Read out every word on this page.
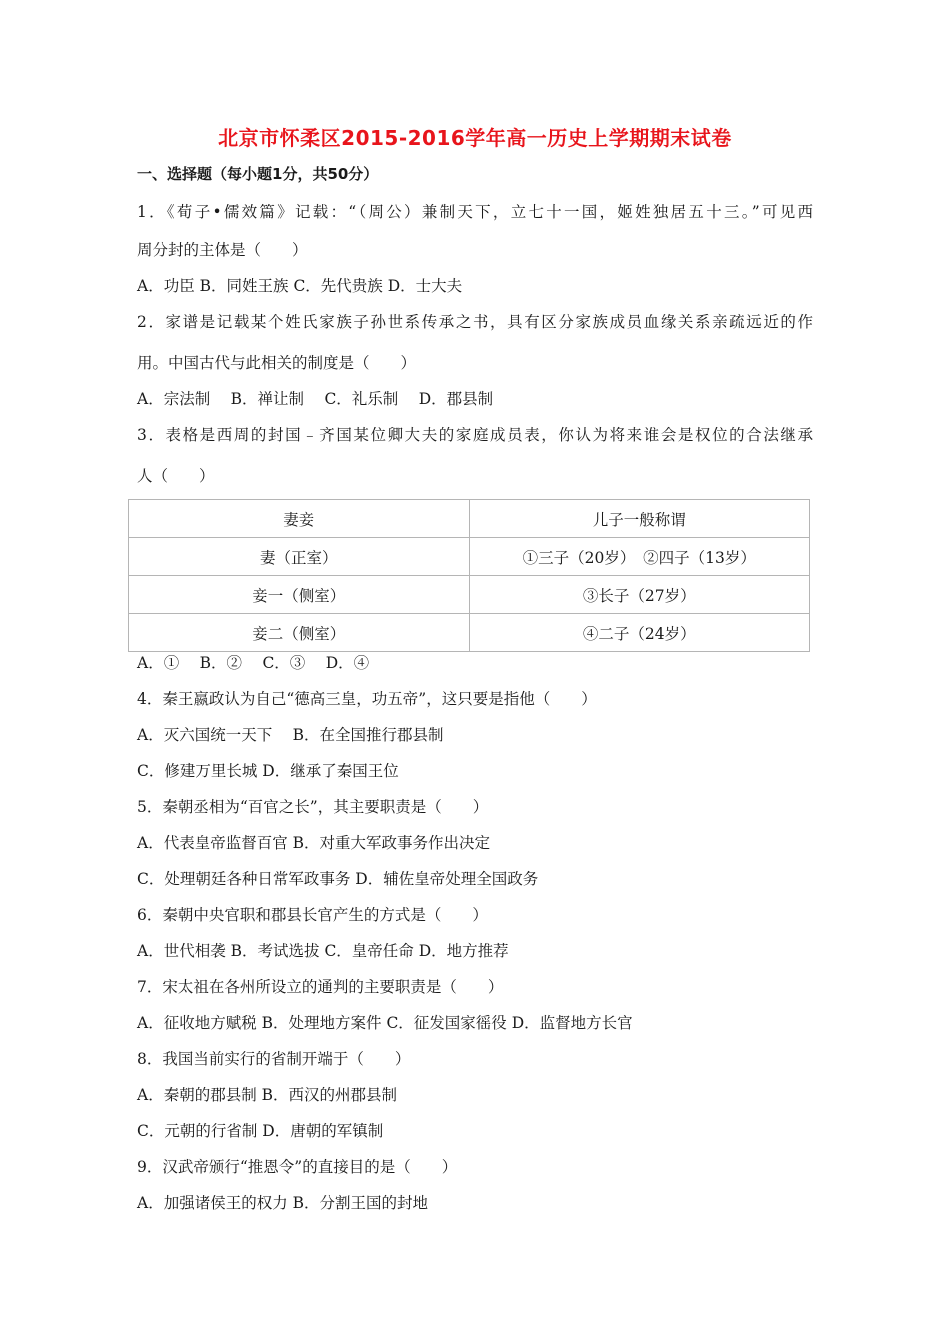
北京市怀柔区2015-2016学年高一历史上学期期末试卷
一、选择题（每小题1分，共50分）
1．《荀子•儒效篇》记载：“（周公）兼制天下，立七十一国，姬姓独居五十三。”可见西
周分封的主体是（　　）
A．功臣 B．同姓王族 C．先代贵族 D．士大夫
2．家谱是记载某个姓氏家族子孙世系传承之书，具有区分家族成员血缘关系亲疏远近的作
用。中国古代与此相关的制度是（　　）
A．宗法制　 B．禅让制　 C．礼乐制　 D．郡县制
3．表格是西周的封国﹣齐国某位卿大夫的家庭成员表，你认为将来谁会是权位的合法继承
人（　　）
妻妾	儿子一般称谓
妻（正室）	①三子（20岁）　②四子（13岁）
妾一（侧室）	③长子（27岁）
妾二（侧室）	④二子（24岁）
A．①　 B．②　 C．③　 D．④
4．秦王嬴政认为自己“德高三皇，功五帝”，这只要是指他（　　）
A．灭六国统一天下　 B．在全国推行郡县制
C．修建万里长城 D．继承了秦国王位
5．秦朝丞相为“百官之长”，其主要职责是（　　）
A．代表皇帝监督百官 B．对重大军政事务作出决定
C．处理朝廷各种日常军政事务 D．辅佐皇帝处理全国政务
6．秦朝中央官职和郡县长官产生的方式是（　　）
A．世代相袭 B．考试选拔 C．皇帝任命 D．地方推荐
7．宋太祖在各州所设立的通判的主要职责是（　　）
A．征收地方赋税 B．处理地方案件 C．征发国家徭役 D．监督地方长官
8．我国当前实行的省制开端于（　　）
A．秦朝的郡县制 B．西汉的州郡县制
C．元朝的行省制 D．唐朝的军镇制
9．汉武帝颁行“推恩令”的直接目的是（　　）
A．加强诸侯王的权力 B．分割王国的封地
